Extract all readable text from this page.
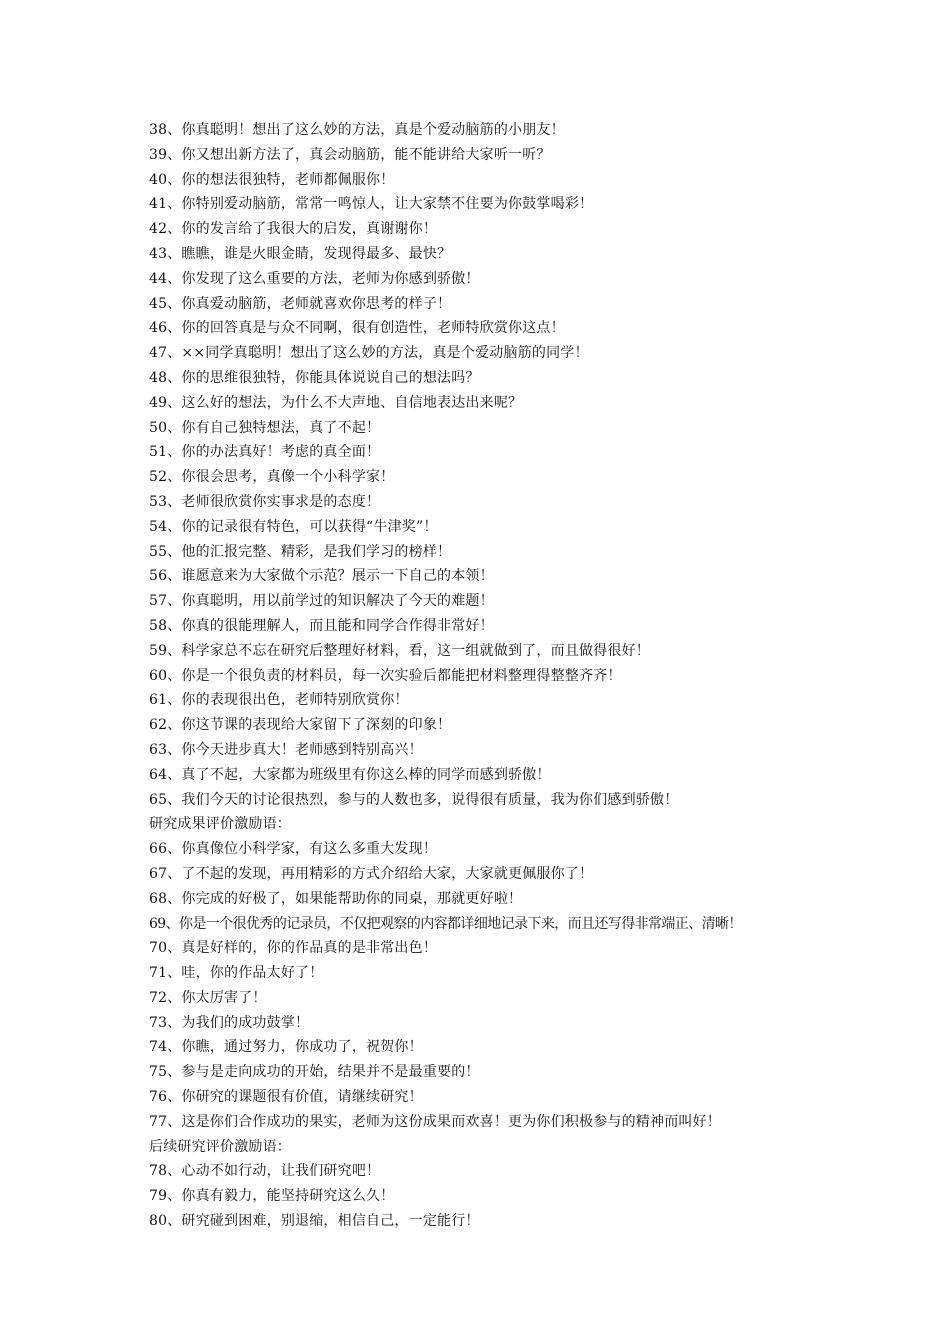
38、你真聪明！想出了这么妙的方法，真是个爱动脑筋的小朋友！
39、你又想出新方法了，真会动脑筋，能不能讲给大家听一听？
40、你的想法很独特，老师都佩服你！
41、你特别爱动脑筋，常常一鸣惊人，让大家禁不住要为你鼓掌喝彩！
42、你的发言给了我很大的启发，真谢谢你！
43、瞧瞧，谁是火眼金睛，发现得最多、最快？
44、你发现了这么重要的方法，老师为你感到骄傲！
45、你真爱动脑筋，老师就喜欢你思考的样子！
46、你的回答真是与众不同啊，很有创造性，老师特欣赏你这点！
47、××同学真聪明！想出了这么妙的方法，真是个爱动脑筋的同学！
48、你的思维很独特，你能具体说说自己的想法吗？
49、这么好的想法，为什么不大声地、自信地表达出来呢？
50、你有自己独特想法，真了不起！
51、你的办法真好！考虑的真全面！
52、你很会思考，真像一个小科学家！
53、老师很欣赏你实事求是的态度！
54、你的记录很有特色，可以获得“牛津奖”！
55、他的汇报完整、精彩，是我们学习的榜样！
56、谁愿意来为大家做个示范？展示一下自己的本领！
57、你真聪明，用以前学过的知识解决了今天的难题！
58、你真的很能理解人，而且能和同学合作得非常好！
59、科学家总不忘在研究后整理好材料，看，这一组就做到了，而且做得很好！
60、你是一个很负责的材料员，每一次实验后都能把材料整理得整整齐齐！
61、你的表现很出色，老师特别欣赏你！
62、你这节课的表现给大家留下了深刻的印象！
63、你今天进步真大！老师感到特别高兴！
64、真了不起，大家都为班级里有你这么棒的同学而感到骄傲！
65、我们今天的讨论很热烈，参与的人数也多，说得很有质量，我为你们感到骄傲！
研究成果评价激励语：
66、你真像位小科学家，有这么多重大发现！
67、了不起的发现，再用精彩的方式介绍给大家，大家就更佩服你了！
68、你完成的好极了，如果能帮助你的同桌，那就更好啦！
69、你是一个很优秀的记录员，不仅把观察的内容都详细地记录下来，而且还写得非常端正、清晰！
70、真是好样的，你的作品真的是非常出色！
71、哇，你的作品太好了！
72、你太厉害了！
73、为我们的成功鼓掌！
74、你瞧，通过努力，你成功了，祝贺你！
75、参与是走向成功的开始，结果并不是最重要的！
76、你研究的课题很有价值，请继续研究！
77、这是你们合作成功的果实，老师为这份成果而欢喜！更为你们积极参与的精神而叫好！
后续研究评价激励语：
78、心动不如行动，让我们研究吧！
79、你真有毅力，能坚持研究这么久！
80、研究碰到困难，别退缩，相信自己，一定能行！
